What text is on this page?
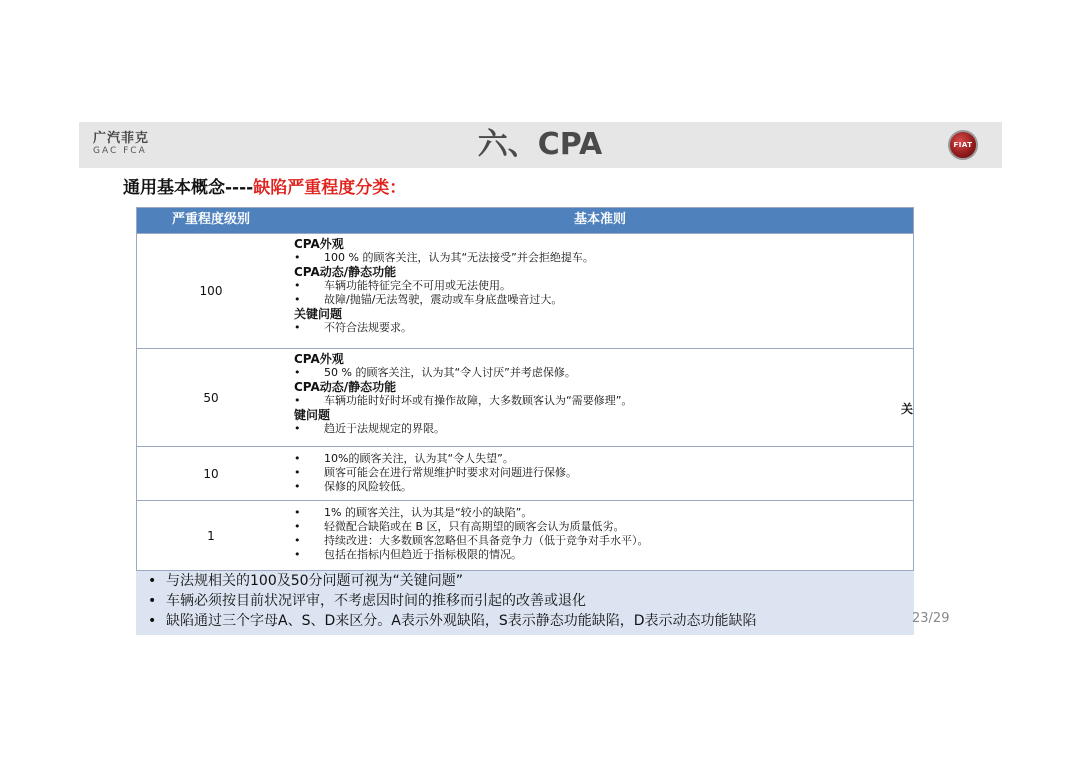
广汽菲克
GAC FCA	六、CPA	FIAT
通用基本概念----缺陷严重程度分类：
严重程度级别	基本准则
100
CPA外观
• 100 % 的顾客关注，认为其“无法接受”并会拒绝提车。
CPA动态/静态功能
• 车辆功能特征完全不可用或无法使用。
• 故障/抛锚/无法驾驶，震动或车身底盘噪音过大。
关键问题
• 不符合法规要求。
50
CPA外观
• 50 % 的顾客关注，认为其“令人讨厌”并考虑保修。
CPA动态/静态功能
• 车辆功能时好时坏或有操作故障，大多数顾客认为“需要修理”。
键问题
• 趋近于法规规定的界限。
10
• 10%的顾客关注，认为其“令人失望”。
• 顾客可能会在进行常规维护时要求对问题进行保修。
• 保修的风险较低。
1
• 1% 的顾客关注，认为其是“较小的缺陷”。
• 轻微配合缺陷或在 B 区，只有高期望的顾客会认为质量低劣。
• 持续改进：大多数顾客忽略但不具备竞争力（低于竞争对手水平）。
• 包括在指标内但趋近于指标极限的情况。
关
• 与法规相关的100及50分问题可视为“关键问题”
• 车辆必须按目前状况评审，不考虑因时间的推移而引起的改善或退化
• 缺陷通过三个字母A、S、D来区分。A表示外观缺陷，S表示静态功能缺陷，D表示动态功能缺陷	23/29
